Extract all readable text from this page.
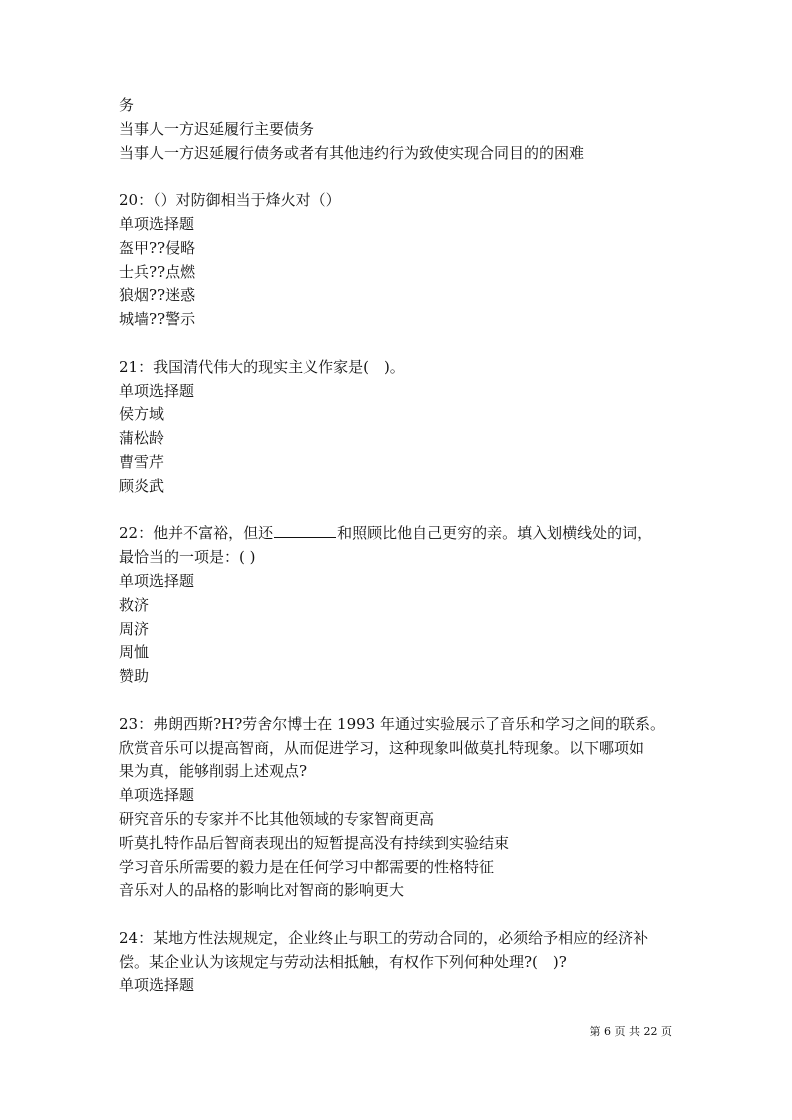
务
当事人一方迟延履行主要债务
当事人一方迟延履行债务或者有其他违约行为致使实现合同目的的困难
20：（）对防御相当于烽火对（）
单项选择题
盔甲??侵略
士兵??点燃
狼烟??迷惑
城墙??警示
21：我国清代伟大的现实主义作家是(　)。
单项选择题
侯方域
蒲松龄
曹雪芹
顾炎武
22：他并不富裕，但还	和照顾比他自己更穷的亲。填入划横线处的词，
最恰当的一项是：( )
单项选择题
救济
周济
周恤
赞助
23：弗朗西斯?H?劳舍尔博士在 1993 年通过实验展示了音乐和学习之间的联系。
欣赏音乐可以提高智商，从而促进学习，这种现象叫做莫扎特现象。以下哪项如
果为真，能够削弱上述观点?
单项选择题
研究音乐的专家并不比其他领域的专家智商更高
听莫扎特作品后智商表现出的短暂提高没有持续到实验结束
学习音乐所需要的毅力是在任何学习中都需要的性格特征
音乐对人的品格的影响比对智商的影响更大
24：某地方性法规规定，企业终止与职工的劳动合同的，必须给予相应的经济补
偿。某企业认为该规定与劳动法相抵触，有权作下列何种处理?(　)?
单项选择题
第 6 页 共 22 页
